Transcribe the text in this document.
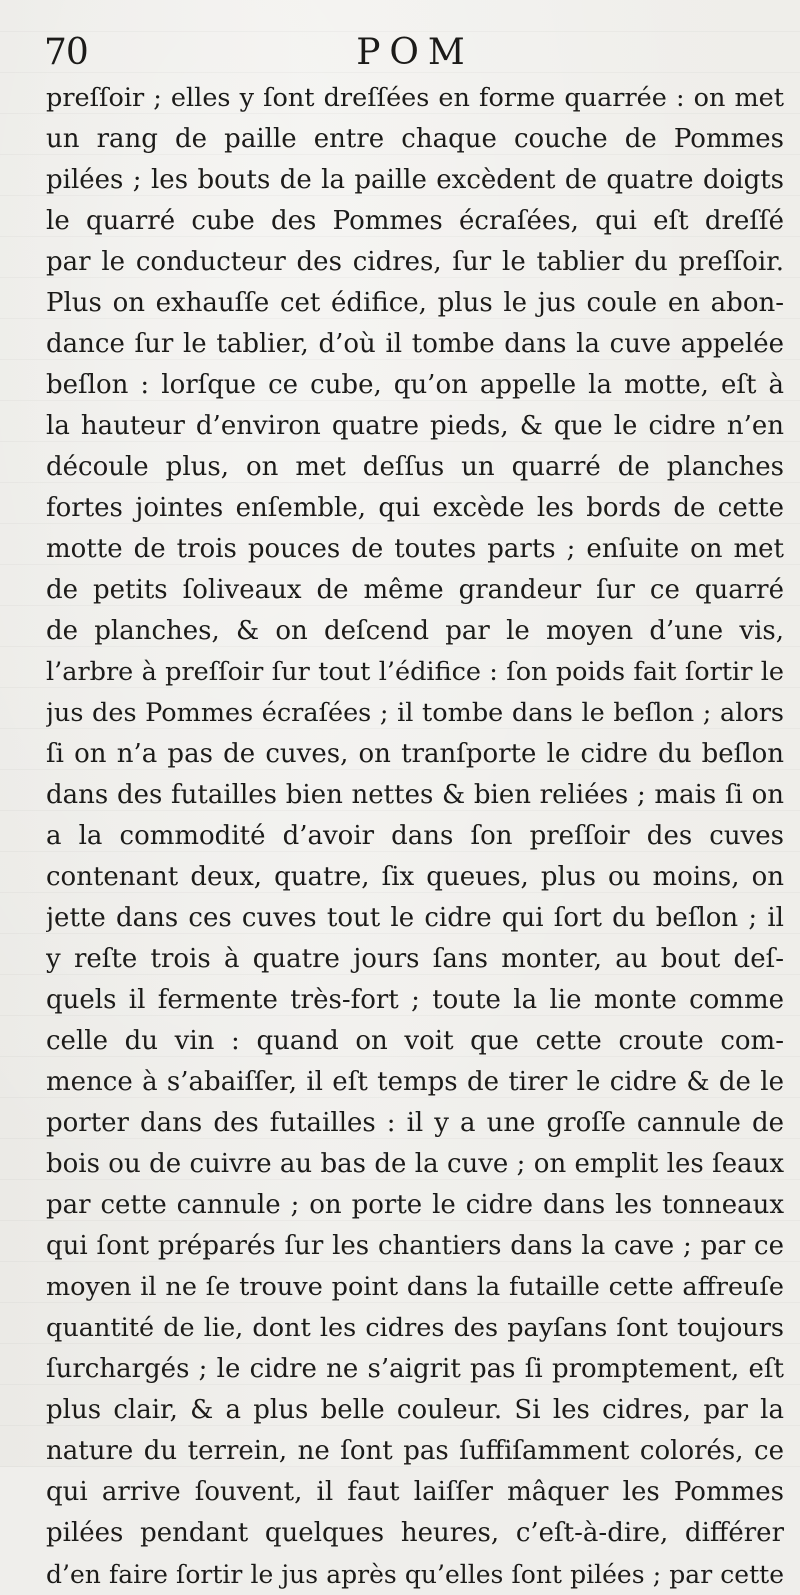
70	POM
preſſoir ; elles y ſont dreſſées en forme quarrée : on met
un rang de paille entre chaque couche de Pommes
pilées ; les bouts de la paille excèdent de quatre doigts
le quarré cube des Pommes écraſées, qui eſt dreſſé
par le conducteur des cidres, ſur le tablier du preſſoir.
Plus on exhauſſe cet édifice, plus le jus coule en abon-
dance ſur le tablier, d’où il tombe dans la cuve appelée
beſlon : lorſque ce cube, qu’on appelle la motte, eſt à
la hauteur d’environ quatre pieds, & que le cidre n’en
découle plus, on met deſſus un quarré de planches
fortes jointes enſemble, qui excède les bords de cette
motte de trois pouces de toutes parts ; enſuite on met
de petits ſoliveaux de même grandeur ſur ce quarré
de planches, & on deſcend par le moyen d’une vis,
l’arbre à preſſoir ſur tout l’édifice : ſon poids fait ſortir le
jus des Pommes écraſées ; il tombe dans le beſlon ; alors
ſi on n’a pas de cuves, on tranſporte le cidre du beſlon
dans des futailles bien nettes & bien reliées ; mais ſi on
a la commodité d’avoir dans ſon preſſoir des cuves
contenant deux, quatre, ſix queues, plus ou moins, on
jette dans ces cuves tout le cidre qui ſort du beſlon ; il
y reſte trois à quatre jours ſans monter, au bout deſ-
quels il fermente très-fort ; toute la lie monte comme
celle du vin : quand on voit que cette croute com-
mence à s’abaiſſer, il eſt temps de tirer le cidre & de le
porter dans des futailles : il y a une groſſe cannule de
bois ou de cuivre au bas de la cuve ; on emplit les ſeaux
par cette cannule ; on porte le cidre dans les tonneaux
qui ſont préparés ſur les chantiers dans la cave ; par ce
moyen il ne ſe trouve point dans la futaille cette affreuſe
quantité de lie, dont les cidres des payſans ſont toujours
ſurchargés ; le cidre ne s’aigrit pas ſi promptement, eſt
plus clair, & a plus belle couleur. Si les cidres, par la
nature du terrein, ne ſont pas ſuffiſamment colorés, ce
qui arrive ſouvent, il faut laiſſer mâquer les Pommes
pilées pendant quelques heures, c’eſt-à-dire, différer
d’en faire ſortir le jus après qu’elles ſont pilées ; par cette
